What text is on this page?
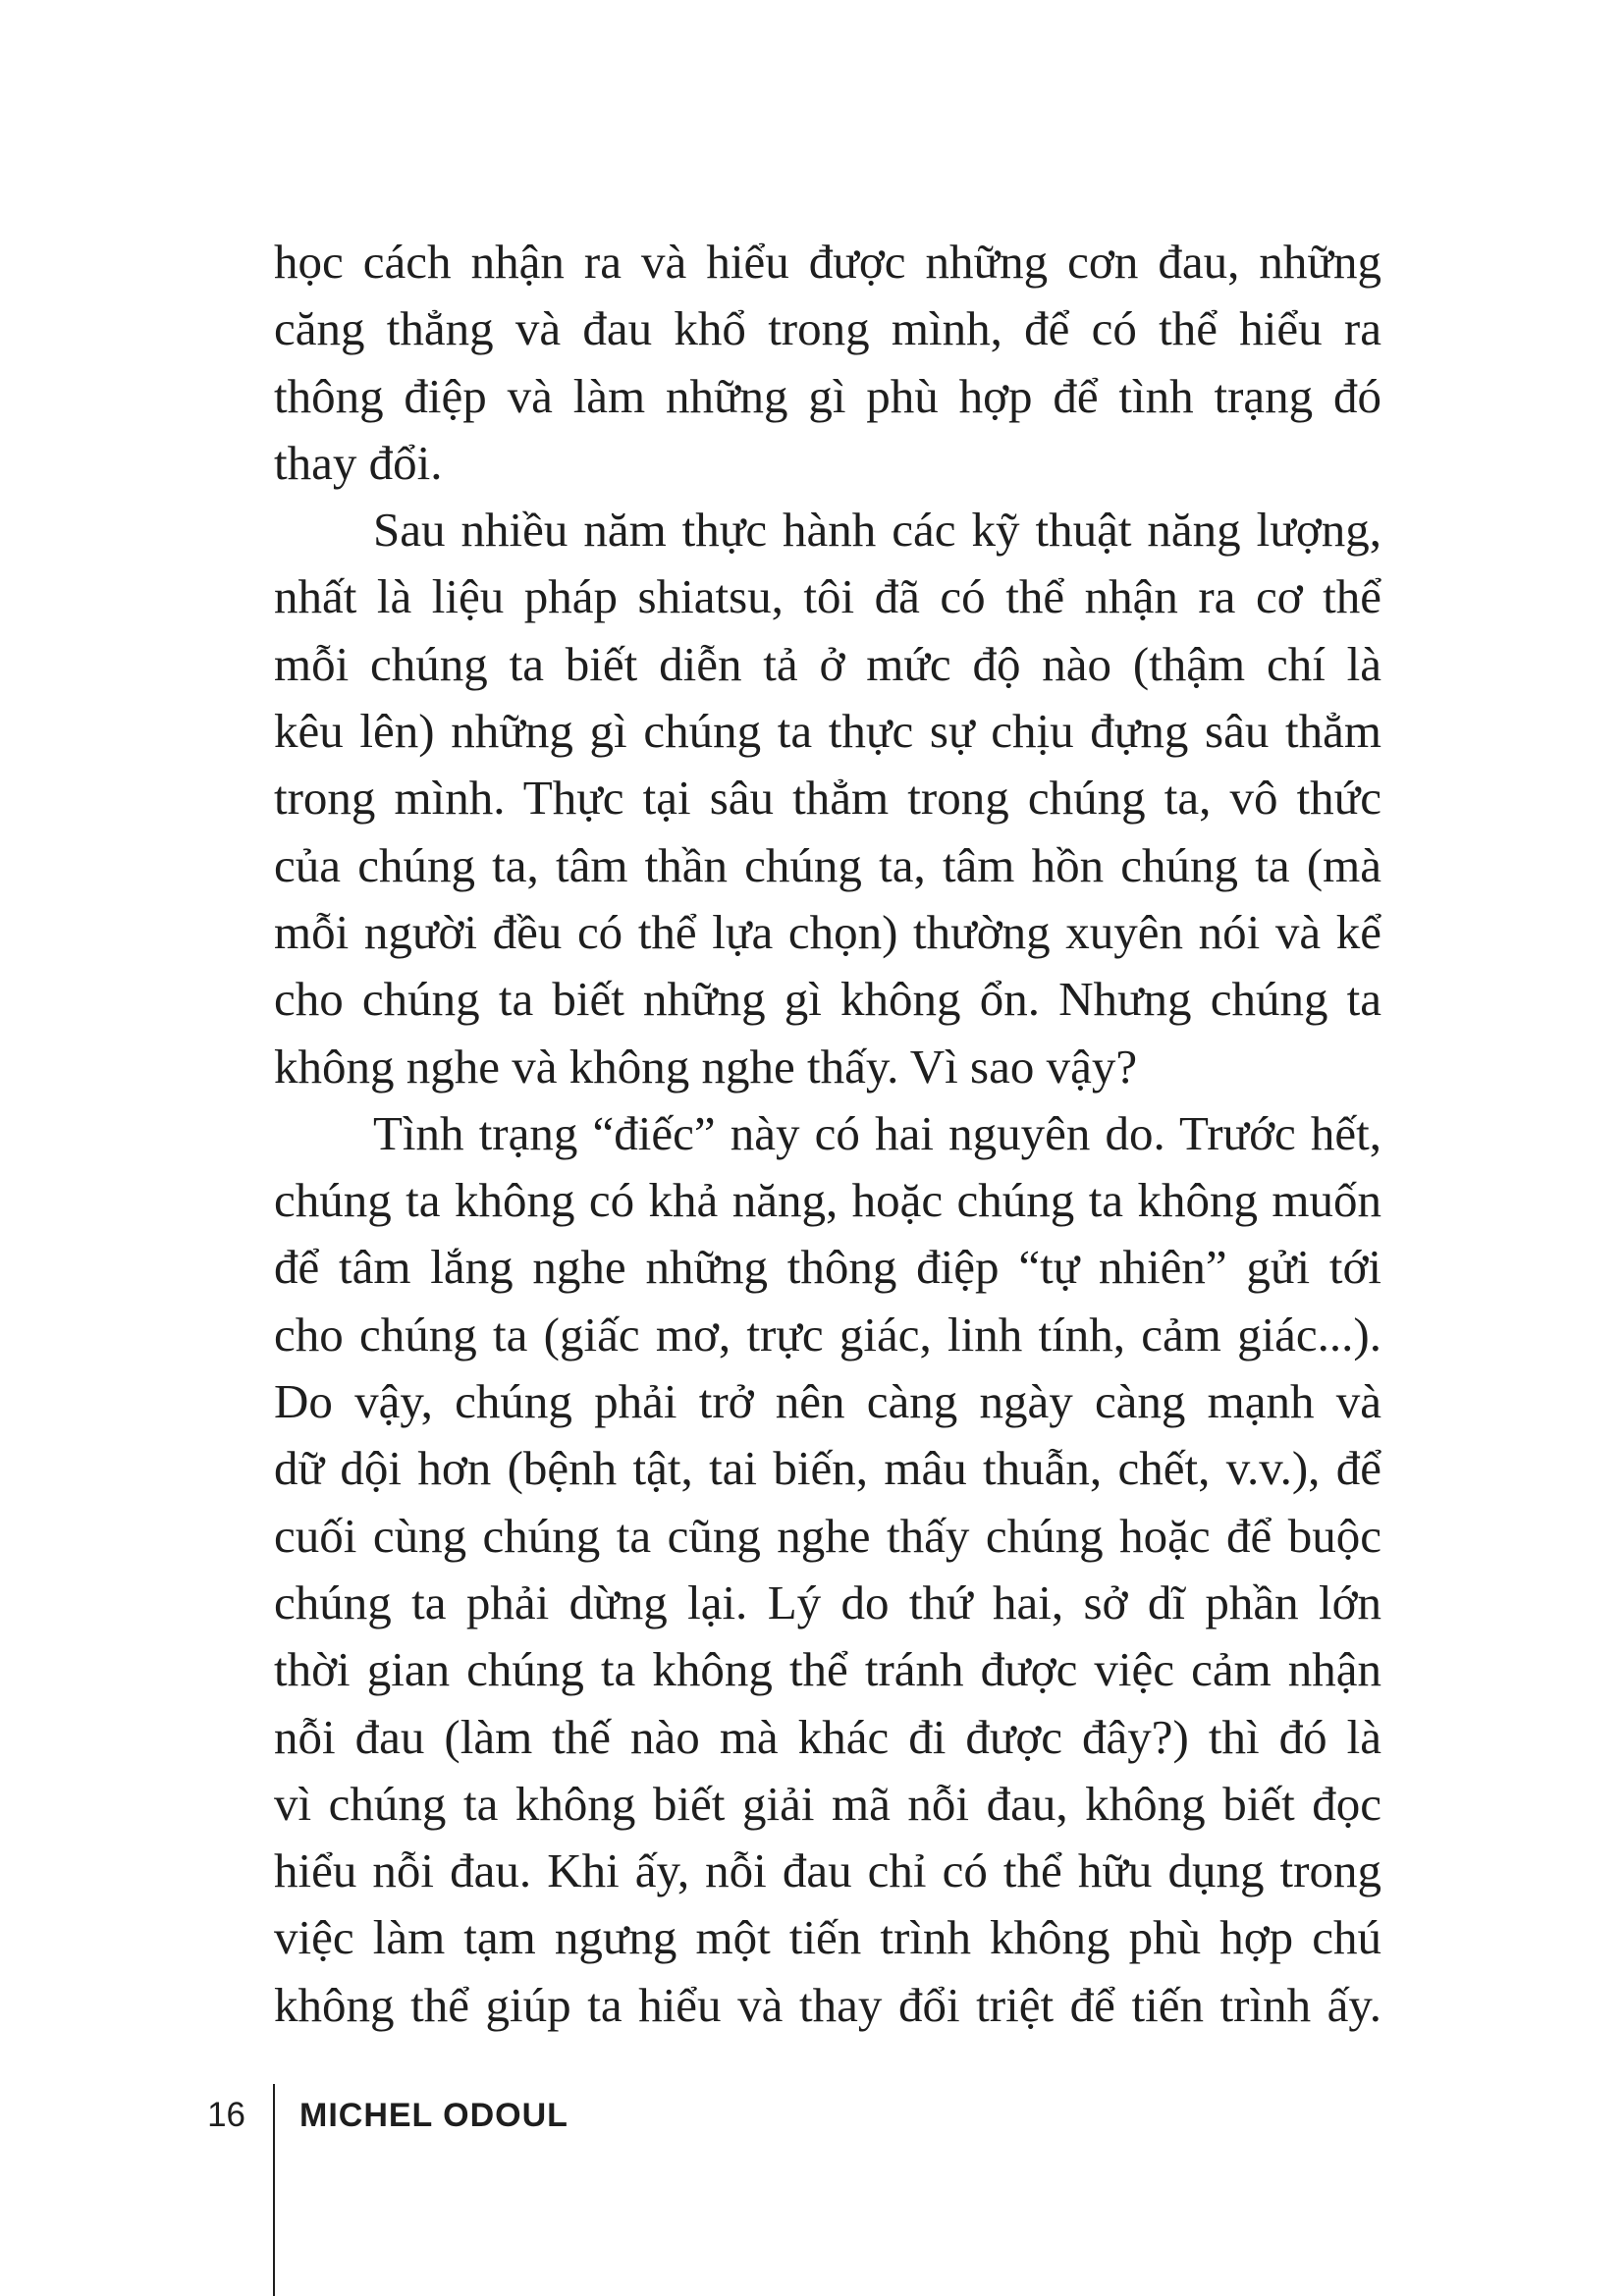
học cách nhận ra và hiểu được những cơn đau, những
căng thẳng và đau khổ trong mình, để có thể hiểu ra
thông điệp và làm những gì phù hợp để tình trạng đó
thay đổi.
Sau nhiều năm thực hành các kỹ thuật năng lượng,
nhất là liệu pháp shiatsu, tôi đã có thể nhận ra cơ thể
mỗi chúng ta biết diễn tả ở mức độ nào (thậm chí là
kêu lên) những gì chúng ta thực sự chịu đựng sâu thẳm
trong mình. Thực tại sâu thẳm trong chúng ta, vô thức
của chúng ta, tâm thần chúng ta, tâm hồn chúng ta (mà
mỗi người đều có thể lựa chọn) thường xuyên nói và kể
cho chúng ta biết những gì không ổn. Nhưng chúng ta
không nghe và không nghe thấy. Vì sao vậy?
Tình trạng “điếc” này có hai nguyên do. Trước hết,
chúng ta không có khả năng, hoặc chúng ta không muốn
để tâm lắng nghe những thông điệp “tự nhiên” gửi tới
cho chúng ta (giấc mơ, trực giác, linh tính, cảm giác...).
Do vậy, chúng phải trở nên càng ngày càng mạnh và
dữ dội hơn (bệnh tật, tai biến, mâu thuẫn, chết, v.v.), để
cuối cùng chúng ta cũng nghe thấy chúng hoặc để buộc
chúng ta phải dừng lại. Lý do thứ hai, sở dĩ phần lớn
thời gian chúng ta không thể tránh được việc cảm nhận
nỗi đau (làm thế nào mà khác đi được đây?) thì đó là
vì chúng ta không biết giải mã nỗi đau, không biết đọc
hiểu nỗi đau. Khi ấy, nỗi đau chỉ có thể hữu dụng trong
việc làm tạm ngưng một tiến trình không phù hợp chú
không thể giúp ta hiểu và thay đổi triệt để tiến trình ấy.
16 MICHEL ODOUL
